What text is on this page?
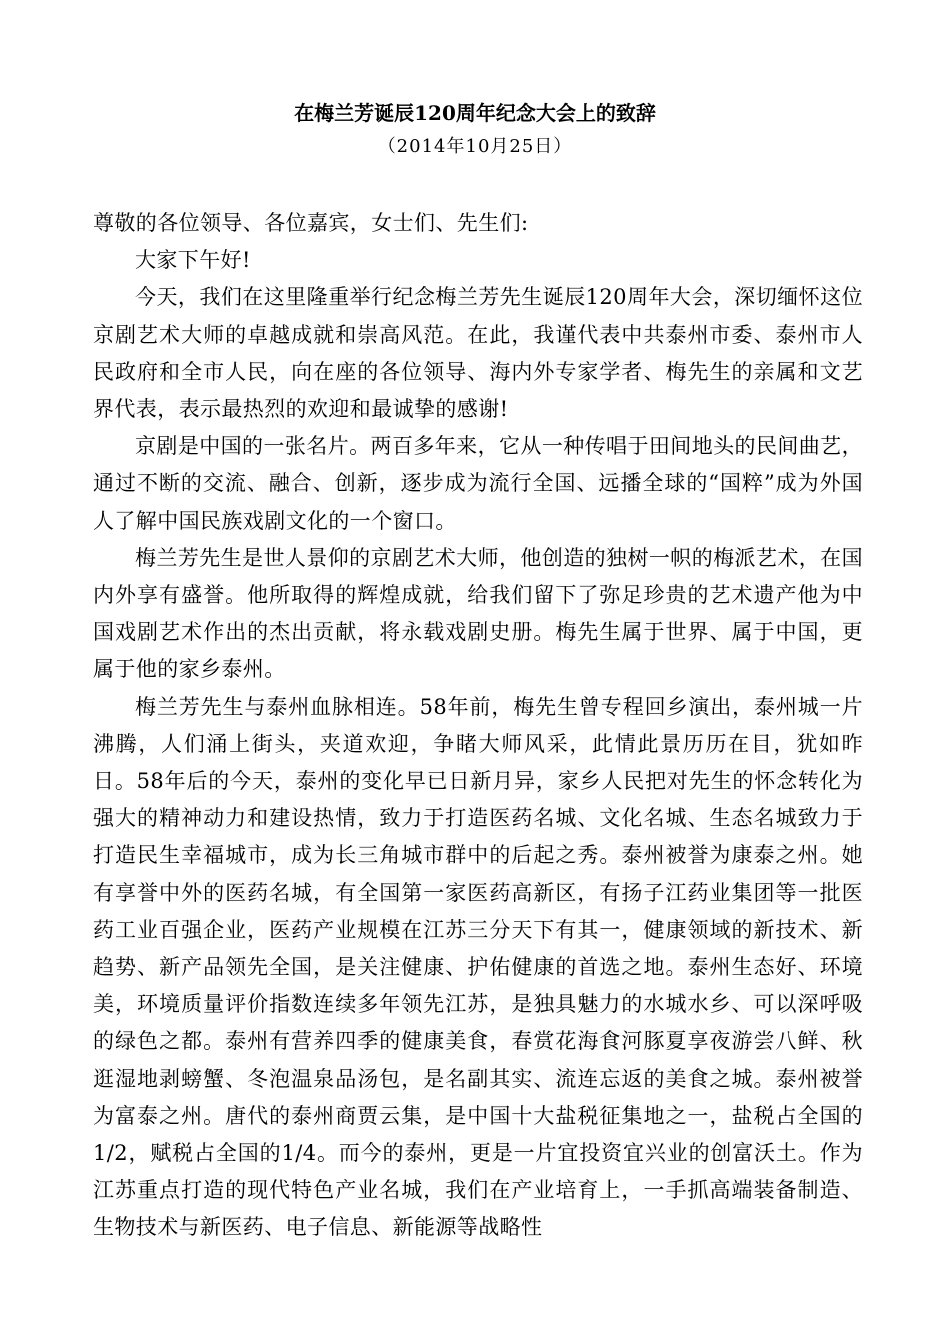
在梅兰芳诞辰120周年纪念大会上的致辞
（2014年10月25日）

尊敬的各位领导、各位嘉宾，女士们、先生们:

大家下午好!

今天，我们在这里隆重举行纪念梅兰芳先生诞辰120周年大会，深切缅怀这位京剧艺术大师的卓越成就和崇高风范。在此，我谨代表中共泰州市委、泰州市人民政府和全市人民，向在座的各位领导、海内外专家学者、梅先生的亲属和文艺界代表，表示最热烈的欢迎和最诚挚的感谢!

京剧是中国的一张名片。两百多年来，它从一种传唱于田间地头的民间曲艺，通过不断的交流、融合、创新，逐步成为流行全国、远播全球的“国粹”成为外国人了解中国民族戏剧文化的一个窗口。

梅兰芳先生是世人景仰的京剧艺术大师，他创造的独树一帜的梅派艺术，在国内外享有盛誉。他所取得的辉煌成就，给我们留下了弥足珍贵的艺术遗产他为中国戏剧艺术作出的杰出贡献，将永载戏剧史册。梅先生属于世界、属于中国，更属于他的家乡泰州。

梅兰芳先生与泰州血脉相连。58年前，梅先生曾专程回乡演出，泰州城一片沸腾，人们涌上街头，夹道欢迎，争睹大师风采，此情此景历历在目，犹如昨日。58年后的今天，泰州的变化早已日新月异，家乡人民把对先生的怀念转化为强大的精神动力和建设热情，致力于打造医药名城、文化名城、生态名城致力于打造民生幸福城市，成为长三角城市群中的后起之秀。泰州被誉为康泰之州。她有享誉中外的医药名城，有全国第一家医药高新区，有扬子江药业集团等一批医药工业百强企业，医药产业规模在江苏三分天下有其一，健康领域的新技术、新趋势、新产品领先全国，是关注健康、护佑健康的首选之地。泰州生态好、环境美，环境质量评价指数连续多年领先江苏，是独具魅力的水城水乡、可以深呼吸的绿色之都。泰州有营养四季的健康美食，春赏花海食河豚夏享夜游尝八鲜、秋逛湿地剥螃蟹、冬泡温泉品汤包，是名副其实、流连忘返的美食之城。泰州被誉为富泰之州。唐代的泰州商贾云集，是中国十大盐税征集地之一，盐税占全国的1/2，赋税占全国的1/4。而今的泰州，更是一片宜投资宜兴业的创富沃土。作为江苏重点打造的现代特色产业名城，我们在产业培育上，一手抓高端装备制造、生物技术与新医药、电子信息、新能源等战略性
